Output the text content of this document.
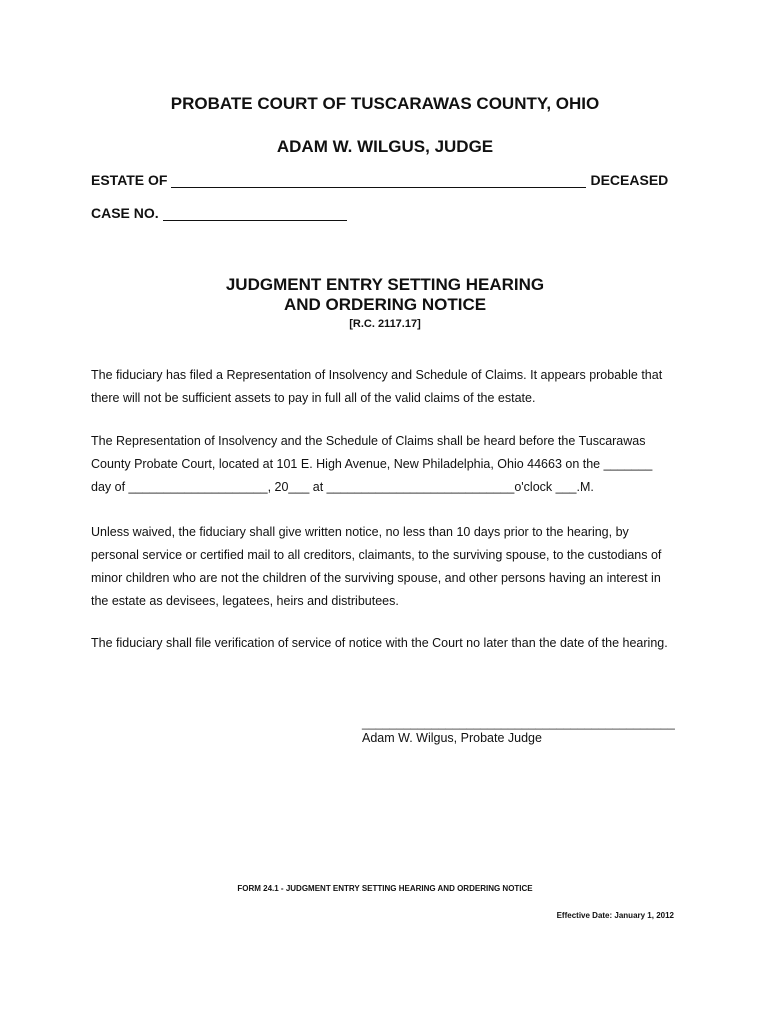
PROBATE COURT OF TUSCARAWAS COUNTY, OHIO
ADAM W. WILGUS, JUDGE
ESTATE OF	DECEASED
CASE NO.
JUDGMENT ENTRY SETTING HEARING
AND ORDERING NOTICE
[R.C. 2117.17]
The fiduciary has filed a Representation of Insolvency and Schedule of Claims. It appears probable that
there will not be sufficient assets to pay in full all of the valid claims of the estate.
The Representation of Insolvency and the Schedule of Claims shall be heard before the Tuscarawas
County Probate Court, located at 101 E. High Avenue, New Philadelphia, Ohio 44663 on the _______
day of ____________________, 20___ at ___________________________o'clock ___.M.
Unless waived, the fiduciary shall give written notice, no less than 10 days prior to the hearing, by
personal service or certified mail to all creditors, claimants, to the surviving spouse, to the custodians of
minor children who are not the children of the surviving spouse, and other persons having an interest in
the estate as devisees, legatees, heirs and distributees.
The fiduciary shall file verification of service of notice with the Court no later than the date of the hearing.
_____________________________________________
Adam W. Wilgus, Probate Judge
FORM 24.1 - JUDGMENT ENTRY SETTING HEARING AND ORDERING NOTICE
Effective Date: January 1, 2012
